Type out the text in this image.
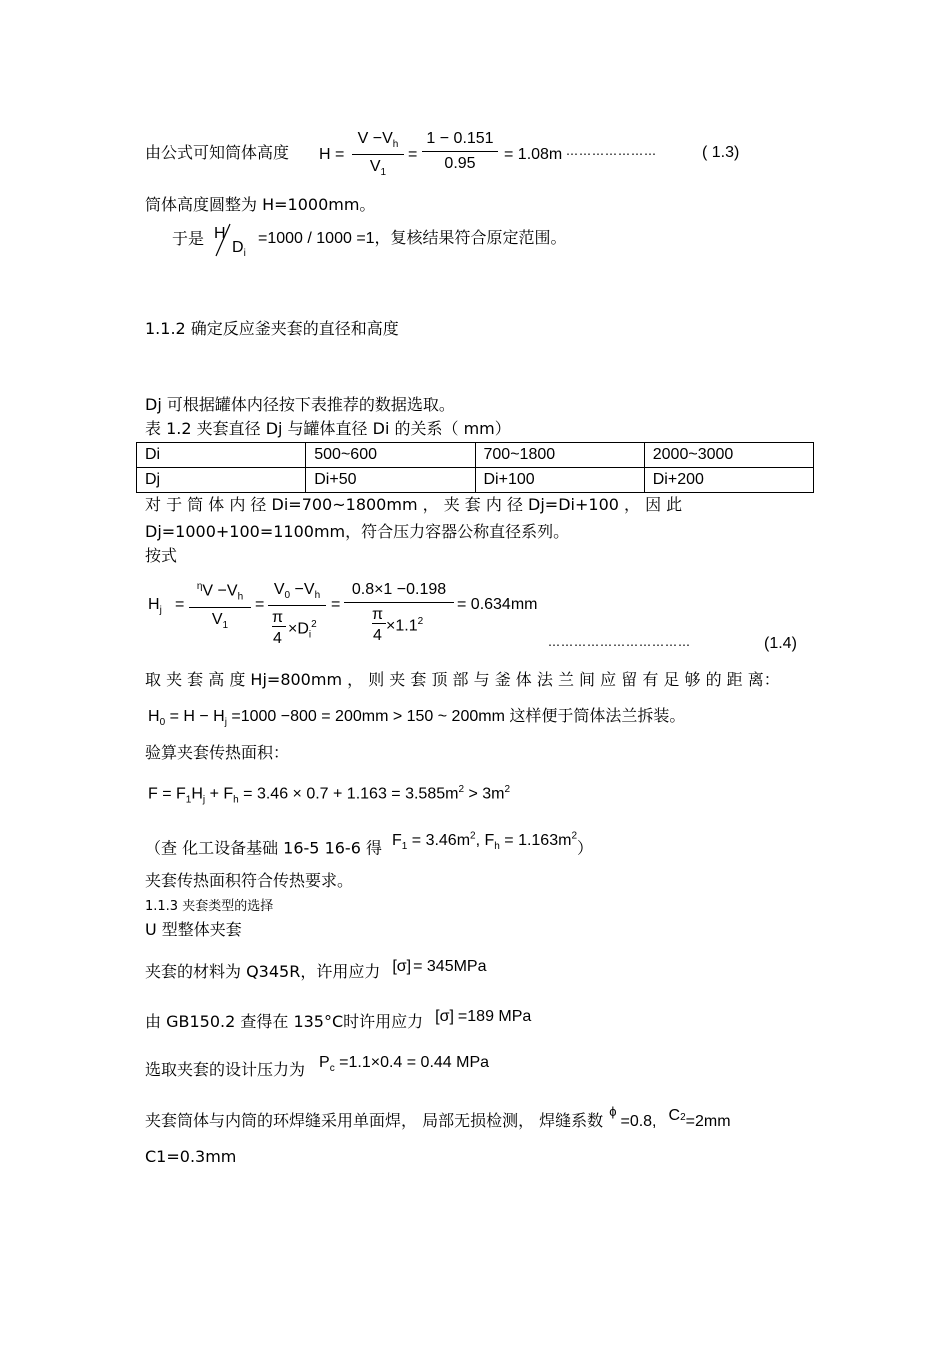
由公式可知筒体高度 H =
$V -V_h$
$V_1$
=
1 − 0.151
0.95
= 1.08m …………………	( 1.3)
筒体高度圆整为 H=1000mm。
于是 H
$D_i$
=1000 / 1000 =1，复核结果符合原定范围。
1.1.2 确定反应釜夹套的直径和高度
Dj 可根据罐体内径按下表推荐的数据选取。
表 1.2 夹套直径 Dj 与罐体直径 Di 的关系（ mm）
Di	500~600	700~1800	2000~3000
Dj	Di+50	Di+100	Di+200
对 于 筒 体 内 径 Di=700~1800mm ， 夹 套 内 径 Dj=Di+100 ， 因 此
Dj=1000+100=1100mm，符合压力容器公称直径系列。
按式
$H_j$ =
$^\eta V -V_h$
$V_1$
=
$V_0 -V_h$
π
4
$\times D_i^2$
=
0.8×1 −0.198
π
4
$\times 1.1^2$
= 0.634mm
……………………………	(1.4)
取 夹 套 高 度 Hj=800mm ， 则 夹 套 顶 部 与 釜 体 法 兰 间 应 留 有 足 够 的 距 离：
$H_0 = H - H_j =1000 -800 = 200mm > 150$ ~ 200mm 这样便于筒体法兰拆装。
验算夹套传热面积：
$F = F_1H_j + F_h = 3.46 \times 0.7 + 1.163 = 3.585m^2 > 3m^2$
（查 化工设备基础 16-5 16-6 得 $F_1 = 3.46m^2$, $F_h = 1.163m^2$）
夹套传热面积符合传热要求。
1.1.3 夹套类型的选择
U 型整体夹套
夹套的材料为 Q345R，许用应力 [σ] = 345MPa
由 GB150.2 查得在 135°C时许用应力 [σ] =189 MPa
选取夹套的设计压力为 $P_c =1.1\times 0.4 = 0.44$ MPa
夹套筒体与内筒的环焊缝采用单面焊， 局部无损检测， 焊缝系数 $^\phi$=0.8, C2=2mm
C1=0.3mm
